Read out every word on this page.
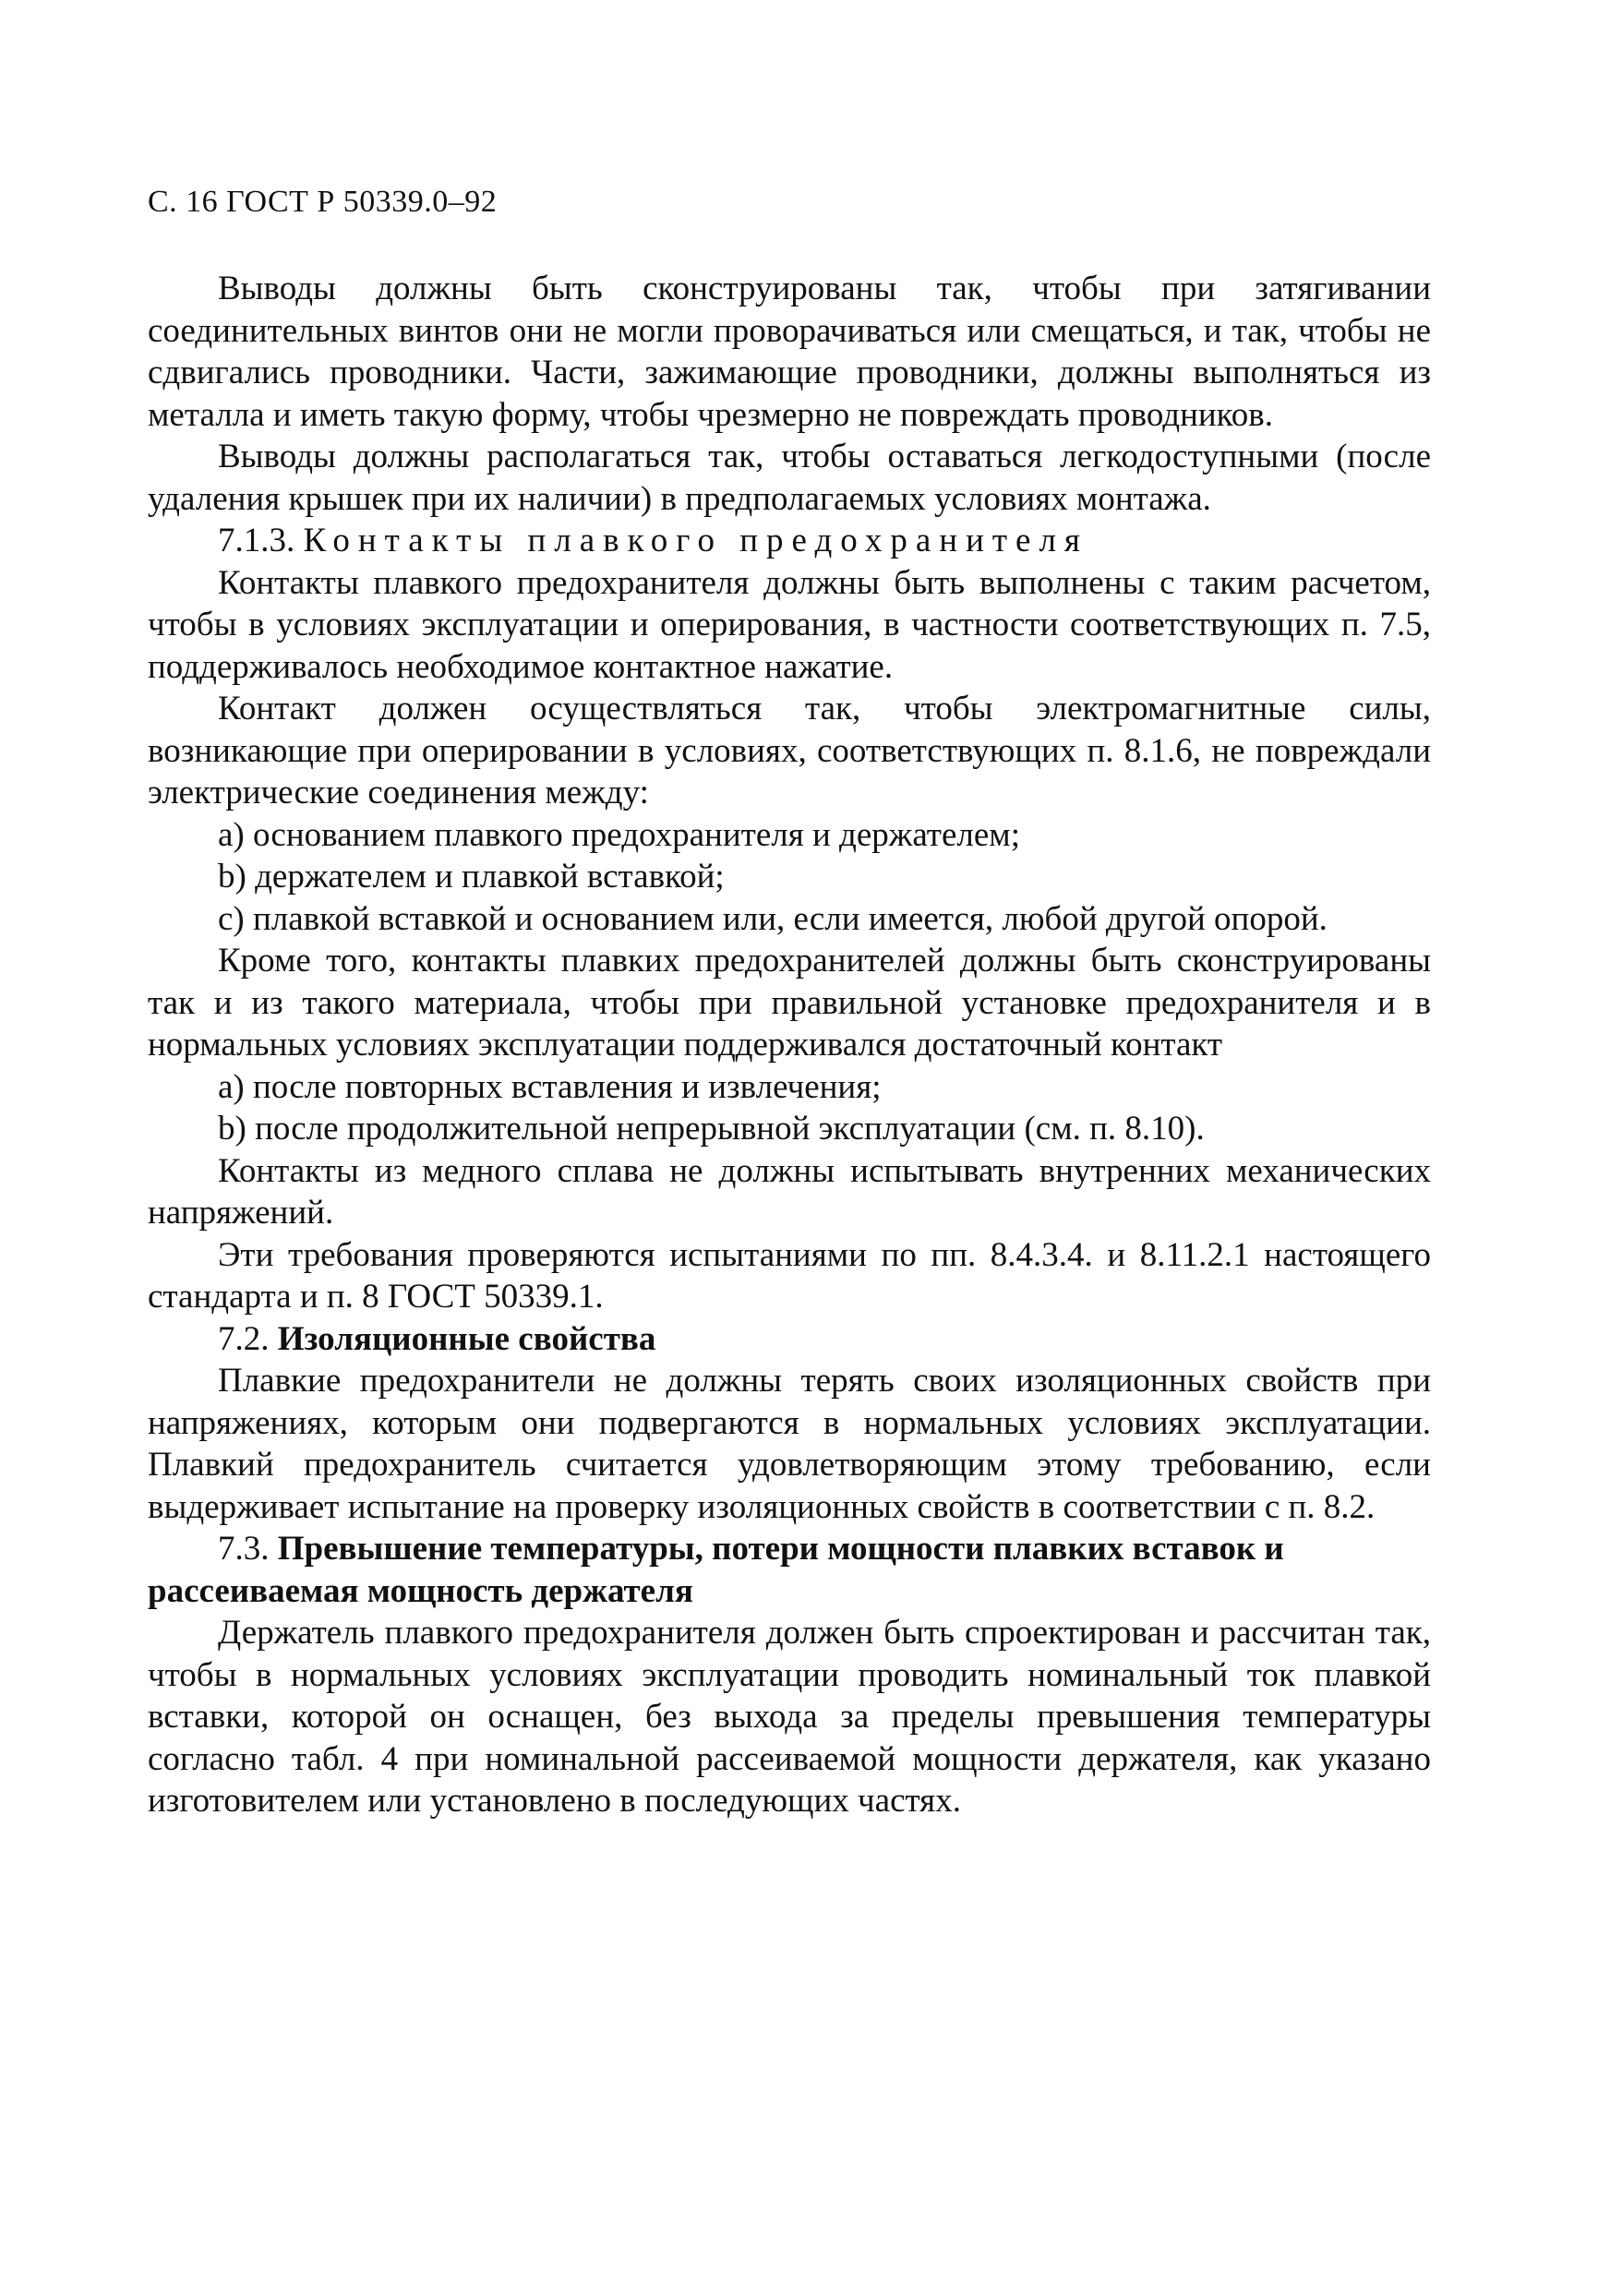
С. 16 ГОСТ Р 50339.0–92

Выводы должны быть сконструированы так, чтобы при затягивании соединительных винтов они не могли проворачиваться или смещаться, и так, чтобы не сдвигались проводники. Части, зажимающие проводники, должны выполняться из металла и иметь такую форму, чтобы чрезмерно не повреждать проводников.

Выводы должны располагаться так, чтобы оставаться легкодоступными (после удаления крышек при их наличии) в предполагаемых условиях монтажа.

7.1.3. Контакты плавкого предохранителя

Контакты плавкого предохранителя должны быть выполнены с таким расчетом, чтобы в условиях эксплуатации и оперирования, в частности соответствующих п. 7.5, поддерживалось необходимое контактное нажатие.

Контакт должен осуществляться так, чтобы электромагнитные силы, возникающие при оперировании в условиях, соответствующих п. 8.1.6, не повреждали электрические соединения между:

a) основанием плавкого предохранителя и держателем;

b) держателем и плавкой вставкой;

c) плавкой вставкой и основанием или, если имеется, любой другой опорой.

Кроме того, контакты плавких предохранителей должны быть сконструированы так и из такого материала, чтобы при правильной установке предохранителя и в нормальных условиях эксплуатации поддерживался достаточный контакт

a) после повторных вставления и извлечения;

b) после продолжительной непрерывной эксплуатации (см. п. 8.10).

Контакты из медного сплава не должны испытывать внутренних механических напряжений.

Эти требования проверяются испытаниями по пп. 8.4.3.4. и 8.11.2.1 настоящего стандарта и п. 8 ГОСТ 50339.1.

7.2. Изоляционные свойства

Плавкие предохранители не должны терять своих изоляционных свойств при напряжениях, которым они подвергаются в нормальных условиях эксплуатации. Плавкий предохранитель считается удовлетворяющим этому требованию, если выдерживает испытание на проверку изоляционных свойств в соответствии с п. 8.2.

7.3. Превышение температуры, потери мощности плавких вставок и рассеиваемая мощность держателя

Держатель плавкого предохранителя должен быть спроектирован и рассчитан так, чтобы в нормальных условиях эксплуатации проводить номинальный ток плавкой вставки, которой он оснащен, без выхода за пределы превышения температуры согласно табл. 4 при номинальной рассеиваемой мощности держателя, как указано изготовителем или установлено в последующих частях.
